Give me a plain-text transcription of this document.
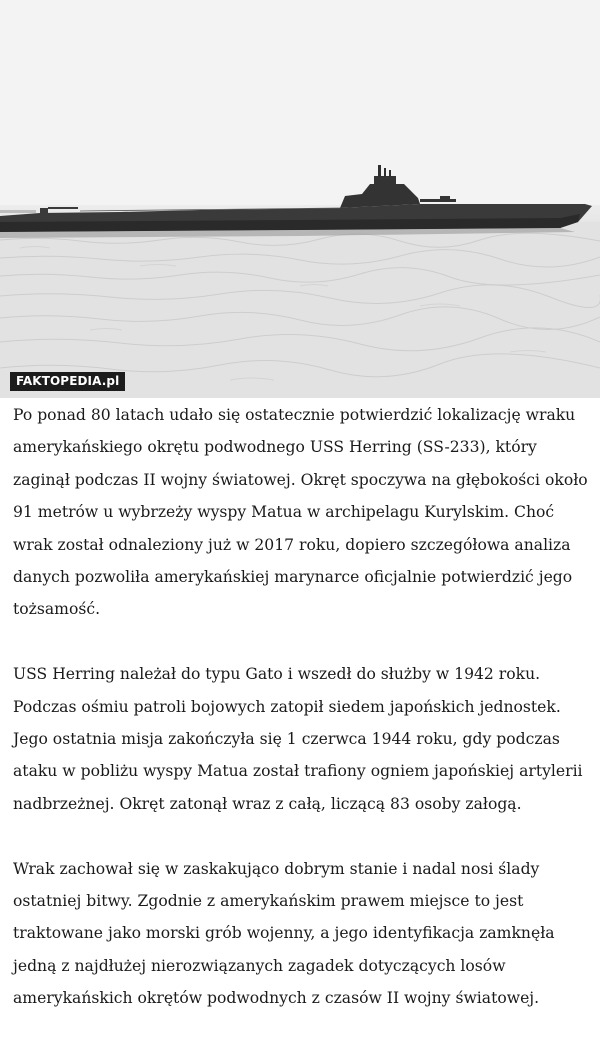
FAKTOPEDIA.pl

Po ponad 80 latach udało się ostatecznie potwierdzić lokalizację wraku amerykańskiego okrętu podwodnego USS Herring (SS-233), który zaginął podczas II wojny światowej. Okręt spoczywa na głębokości około 91 metrów u wybrzeży wyspy Matua w archipelagu Kurylskim. Choć wrak został odnaleziony już w 2017 roku, dopiero szczegółowa analiza danych pozwoliła amerykańskiej marynarce oficjalnie potwierdzić jego tożsamość.

USS Herring należał do typu Gato i wszedł do służby w 1942 roku. Podczas ośmiu patroli bojowych zatopił siedem japońskich jednostek. Jego ostatnia misja zakończyła się 1 czerwca 1944 roku, gdy podczas ataku w pobliżu wyspy Matua został trafiony ogniem japońskiej artylerii nadbrzeżnej. Okręt zatonął wraz z całą, liczącą 83 osoby załogą.

Wrak zachował się w zaskakująco dobrym stanie i nadal nosi ślady ostatniej bitwy. Zgodnie z amerykańskim prawem miejsce to jest traktowane jako morski grób wojenny, a jego identyfikacja zamknęła jedną z najdłużej nierozwiązanych zagadek dotyczących losów amerykańskich okrętów podwodnych z czasów II wojny światowej.
